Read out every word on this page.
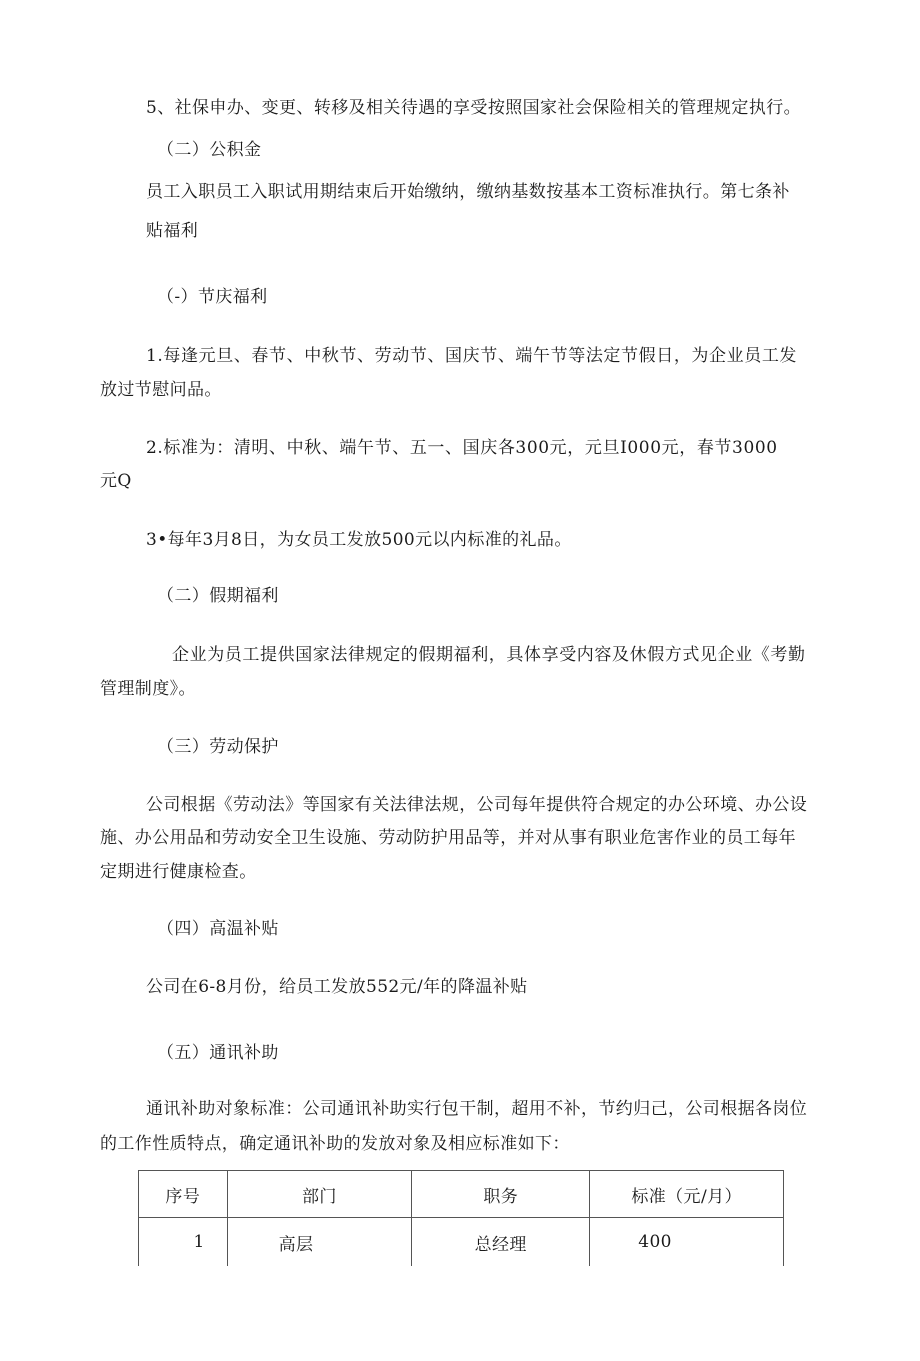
5、社保申办、变更、转移及相关待遇的享受按照国家社会保险相关的管理规定执行。
（二）公积金
员工入职员工入职试用期结束后开始缴纳，缴纳基数按基本工资标准执行。第七条补
贴福利
（-）节庆福利
1.每逢元旦、春节、中秋节、劳动节、国庆节、端午节等法定节假日，为企业员工发
放过节慰问品。
2.标准为：清明、中秋、端午节、五一、国庆各300元，元旦I000元，春节3000
元Q
3•每年3月8日，为女员工发放500元以内标准的礼品。
（二）假期福利
企业为员工提供国家法律规定的假期福利，具体享受内容及休假方式见企业《考勤
管理制度》。
（三）劳动保护
公司根据《劳动法》等国家有关法律法规，公司每年提供符合规定的办公环境、办公设
施、办公用品和劳动安全卫生设施、劳动防护用品等，并对从事有职业危害作业的员工每年
定期进行健康检查。
（四）高温补贴
公司在6-8月份，给员工发放552元/年的降温补贴
（五）通讯补助
通讯补助对象标准：公司通讯补助实行包干制，超用不补，节约归己，公司根据各岗位
的工作性质特点，确定通讯补助的发放对象及相应标准如下：
序号	部门	职务	标准（元/月）
1	高层	总经理	400
